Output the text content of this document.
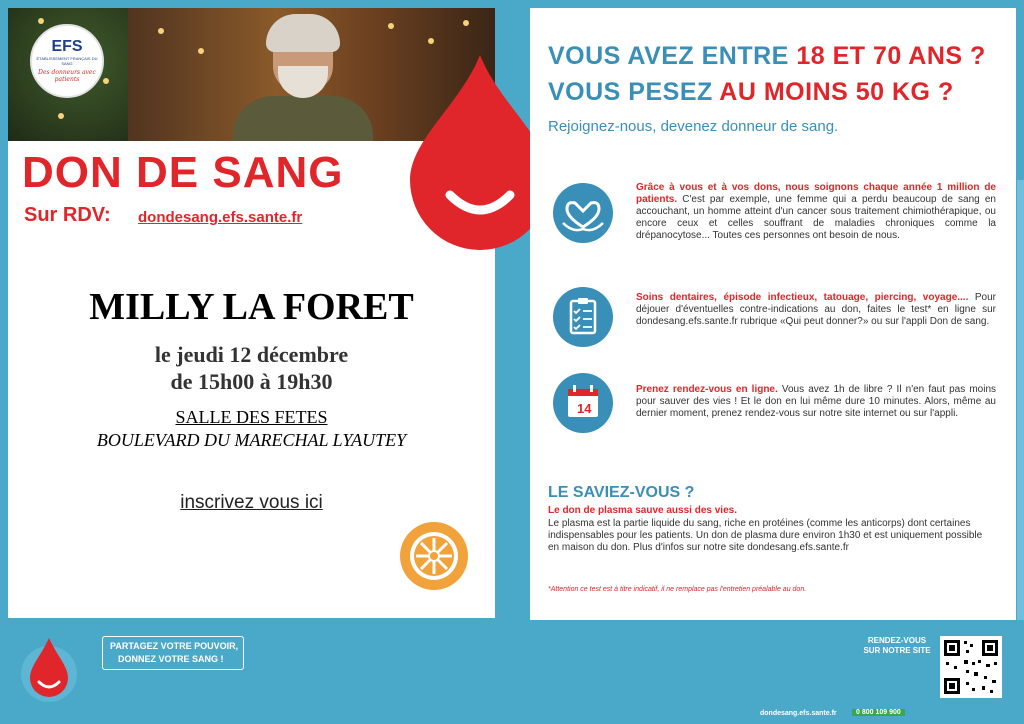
EFS
ÉTABLISSEMENT FRANÇAIS DU SANG
Des donneurs avec patients
DON DE SANG
Sur RDV: dondesang.efs.sante.fr
MILLY LA FORET
le jeudi 12 décembre
de 15h00 à 19h30
SALLE DES FETES
BOULEVARD DU MARECHAL LYAUTEY
inscrivez vous ici
VOUS AVEZ ENTRE 18 ET 70 ANS ?
VOUS PESEZ AU MOINS 50 KG ?
Rejoignez-nous, devenez donneur de sang.
Grâce à vous et à vos dons, nous soignons chaque année 1 million de patients. C'est par exemple, une femme qui a perdu beaucoup de sang en accouchant, un homme atteint d'un cancer sous traitement chimiothérapique, ou encore ceux et celles souffrant de maladies chroniques comme la drépanocytose... Toutes ces personnes ont besoin de nous.
Soins dentaires, épisode infectieux, tatouage, piercing, voyage.... Pour déjouer d'éventuelles contre-indications au don, faites le test* en ligne sur dondesang.efs.sante.fr rubrique «Qui peut donner?» ou sur l'appli Don de sang.
14
Prenez rendez-vous en ligne. Vous avez 1h de libre ? Il n'en faut pas moins pour sauver des vies ! Et le don en lui même dure 10 minutes. Alors, même au dernier moment, prenez rendez-vous sur notre site internet ou sur l'appli.
LE SAVIEZ-VOUS ?
Le don de plasma sauve aussi des vies.
Le plasma est la partie liquide du sang, riche en protéines (comme les anticorps) dont certaines indispensables pour les patients. Un don de plasma dure environ 1h30 et est uniquement possible en maison du don. Plus d'infos sur notre site dondesang.efs.sante.fr
*Attention ce test est à titre indicatif, il ne remplace pas l'entretien préalable au don.
PARTAGEZ VOTRE POUVOIR,
DONNEZ VOTRE SANG !
RENDEZ-VOUS SUR NOTRE SITE
dondesang.efs.sante.fr	0 800 109 900
